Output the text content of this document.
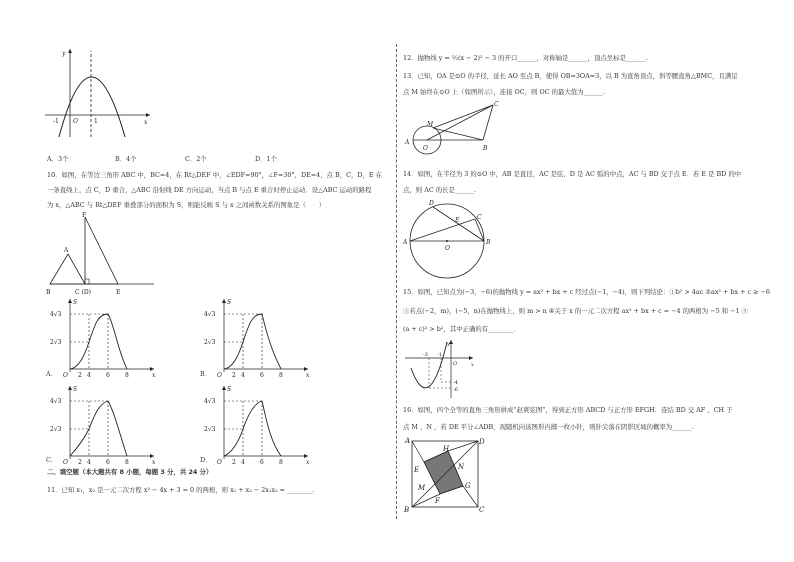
y
x
-1 O	1
A．3个	B．4个	C．2个	D．1个
10．如图，在等边三角形 ABC 中，BC=4，在 Rt△DEF 中，∠EDF=90°，∠F=30°，DE=4，点 B，C，D，E 在
一条直线上，点 C，D 重合，△ABC 沿射线 DE 方向运动，当点 B 与点 E 重合时停止运动．设△ABC 运动的路程
为 x，△ABC 与 Rt△DEF 重叠部分的面积为 S，则能反映 S 与 x 之间函数关系的图象是（　　）
A
B	C (D)	E
F
S
x
O
4√3
2√3
2 4	6	8
A．
S
x
O
4√3
2√3
2 4	6	8
B．
S
x
O
4√3
2√3
2 4	6	8
C．
S
x
O
4√3
2√3
2 4	6	8
D．
二、填空题（本大题共有 8 小题，每题 3 分，共 24 分）
11．已知 x₁，x₂ 是一元二次方程 x² − 4x + 3 = 0 的两根，则 x₁ + x₂ − 2x₁x₂ = ________.
12．抛物线 y = ½(x − 2)² − 3 的开口______，对称轴是______，顶点坐标是______.
13．已知，OA 是⊙O 的半径，延长 AO 至点 B，使得 OB=3OA=3，以 B 为直角顶点，斜等腰直角△BMC，且满足
点 M 始终在⊙O 上（如图所示），连接 OC，则 OC 的最大值为______.
M
A
O	B
C
14．如图，在半径为 3 的⊙O 中，AB 是直径，AC 是弦，D 是 AC 弧的中点，AC 与 BD 交于点 E．若 E 是 BD 的中
点，则 AC 的长是______.
D
E	C
A
O
B
15．如图，已知点为(−3，−6)的抛物线 y = ax² + bx + c 经过点(−1，−4)，则下列结论：①b² > 4ac ②ax² + bx + c ≥ −6
③若点(−2，m)，(−5，n)在抛物线上，则 m > n ④关于 x 的一元二次方程 ax² + bx + c = −4 的两根为 −5 和 −1 ⑤
(a + c)² > b²，其中正确的有________．
y
x
-3 -1
O
-4
-6
16．如图，四个全等的直角三角形拼成“赵爽弦图”，得到正方形 ABCD 与正方形 EFGH．连结 BD 交 AF 、CH 于
点 M 、N ，若 DE 平分∠ADB，现随机向该图形内掷一枚小针，则针尖落在阴影区域的概率为______.
A	D
H
N
E
G
M
B
F
C
